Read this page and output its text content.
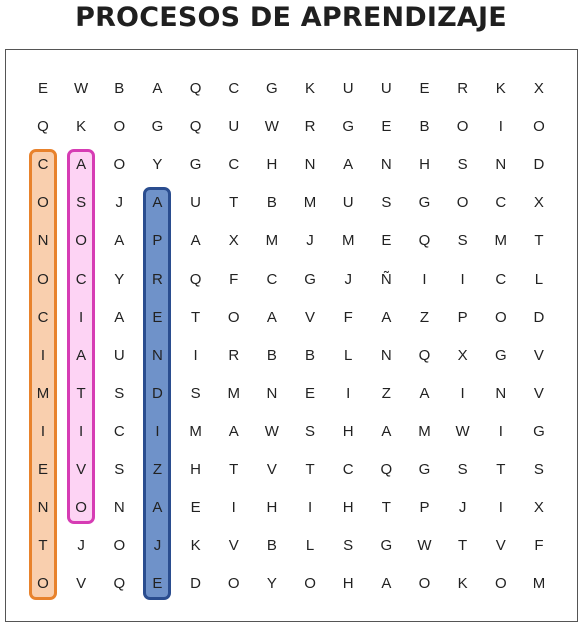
PROCESOS DE APRENDIZAJE
E	W	B	A	Q	C	G	K	U	U	E	R	K	X
Q	K	O	G	Q	U	W	R	G	E	B	O	I	O
C	A	O	Y	G	C	H	N	A	N	H	S	N	D
O	S	J	A	U	T	B	M	U	S	G	O	C	X
N	O	A	P	A	X	M	J	M	E	Q	S	M	T
O	C	Y	R	Q	F	C	G	J	Ñ	I	I	C	L
C	I	A	E	T	O	A	V	F	A	Z	P	O	D
I	A	U	N	I	R	B	B	L	N	Q	X	G	V
M	T	S	D	S	M	N	E	I	Z	A	I	N	V
I	I	C	I	M	A	W	S	H	A	M	W	I	G
E	V	S	Z	H	T	V	T	C	Q	G	S	T	S
N	O	N	A	E	I	H	I	H	T	P	J	I	X
T	J	O	J	K	V	B	L	S	G	W	T	V	F
O	V	Q	E	D	O	Y	O	H	A	O	K	O	M
